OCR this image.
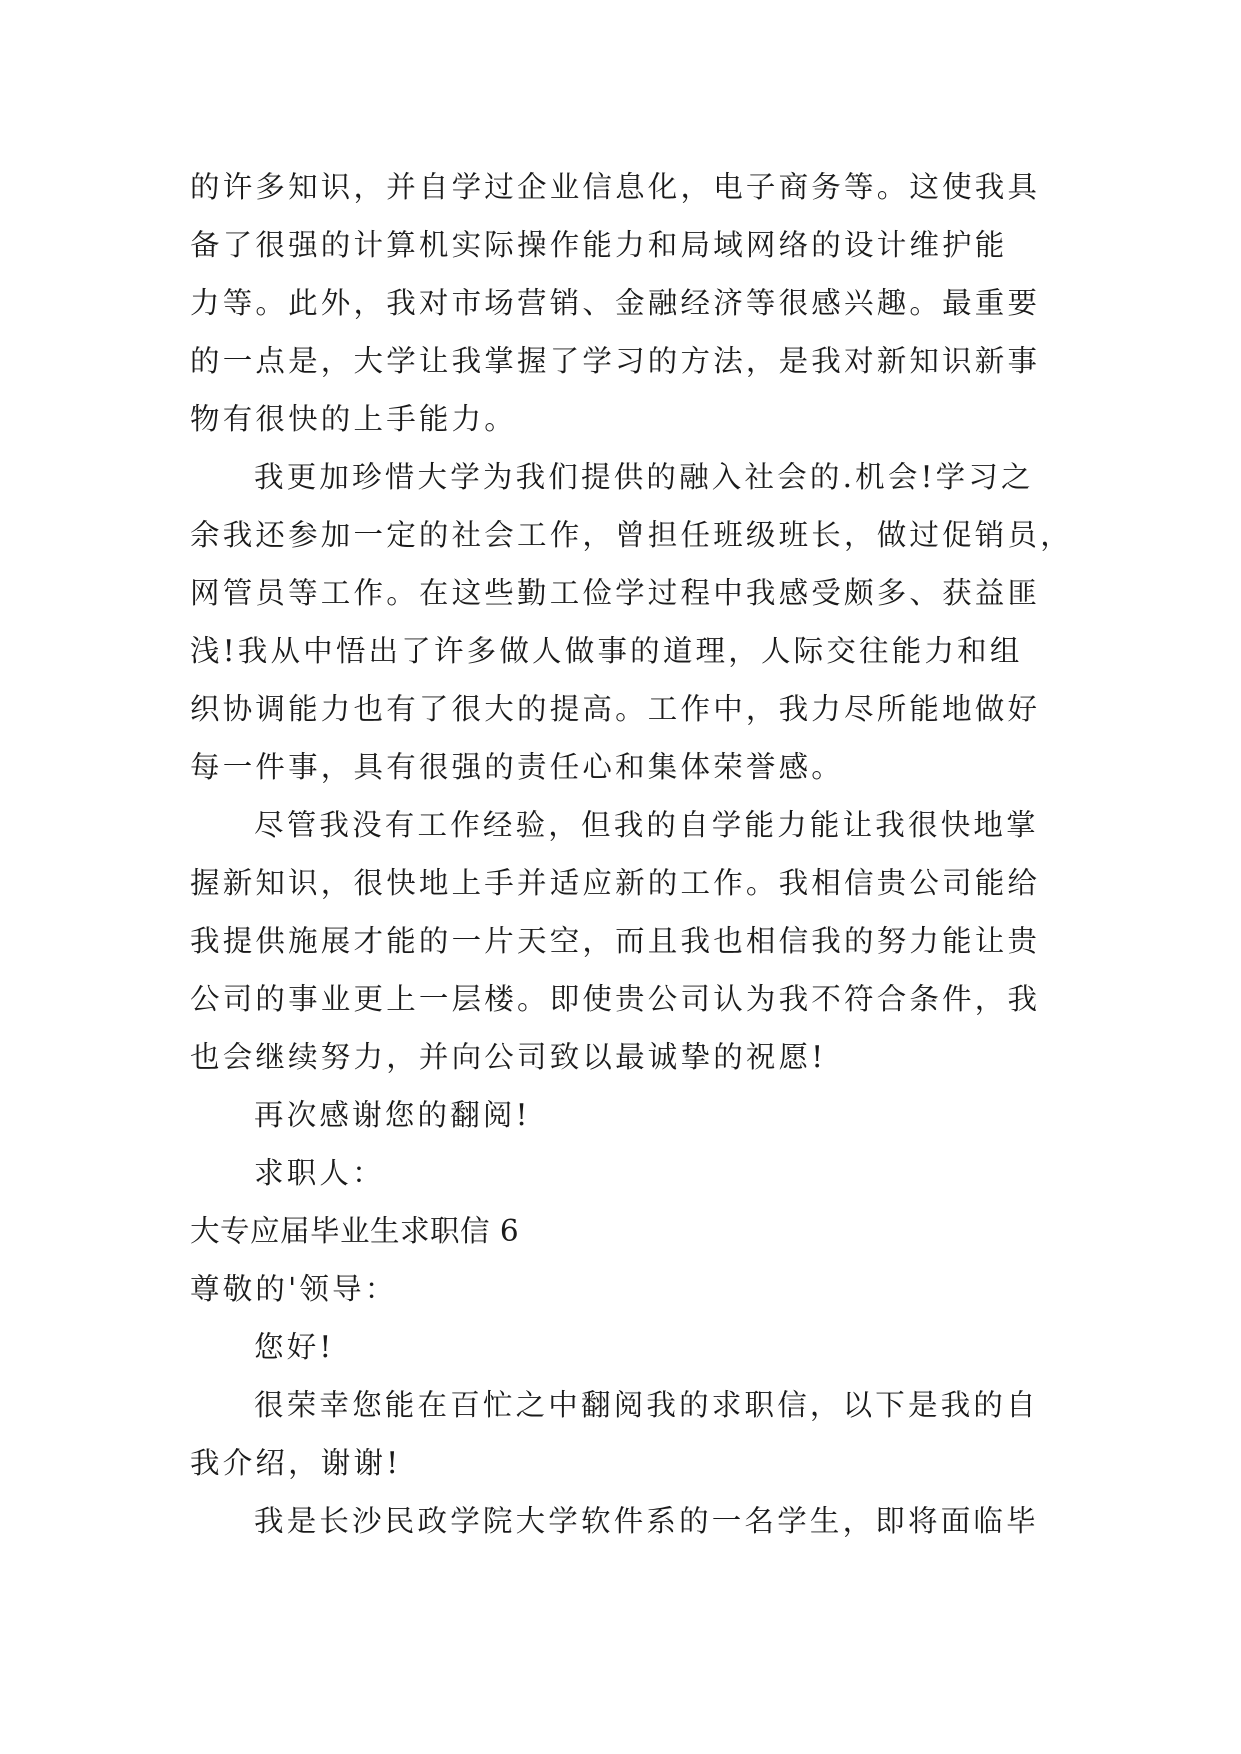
的许多知识，并自学过企业信息化，电子商务等。这使我具
备了很强的计算机实际操作能力和局域网络的设计维护能
力等。此外，我对市场营销、金融经济等很感兴趣。最重要
的一点是，大学让我掌握了学习的方法，是我对新知识新事
物有很快的上手能力。
我更加珍惜大学为我们提供的融入社会的.机会!学习之
余我还参加一定的社会工作，曾担任班级班长，做过促销员，
网管员等工作。在这些勤工俭学过程中我感受颇多、获益匪
浅!我从中悟出了许多做人做事的道理，人际交往能力和组
织协调能力也有了很大的提高。工作中，我力尽所能地做好
每一件事，具有很强的责任心和集体荣誉感。
尽管我没有工作经验，但我的自学能力能让我很快地掌
握新知识，很快地上手并适应新的工作。我相信贵公司能给
我提供施展才能的一片天空，而且我也相信我的努力能让贵
公司的事业更上一层楼。即使贵公司认为我不符合条件，我
也会继续努力，并向公司致以最诚挚的祝愿!
再次感谢您的翻阅!
求职人：
大专应届毕业生求职信 6
尊敬的'领导：
您好!
很荣幸您能在百忙之中翻阅我的求职信，以下是我的自
我介绍，谢谢!
我是长沙民政学院大学软件系的一名学生，即将面临毕
